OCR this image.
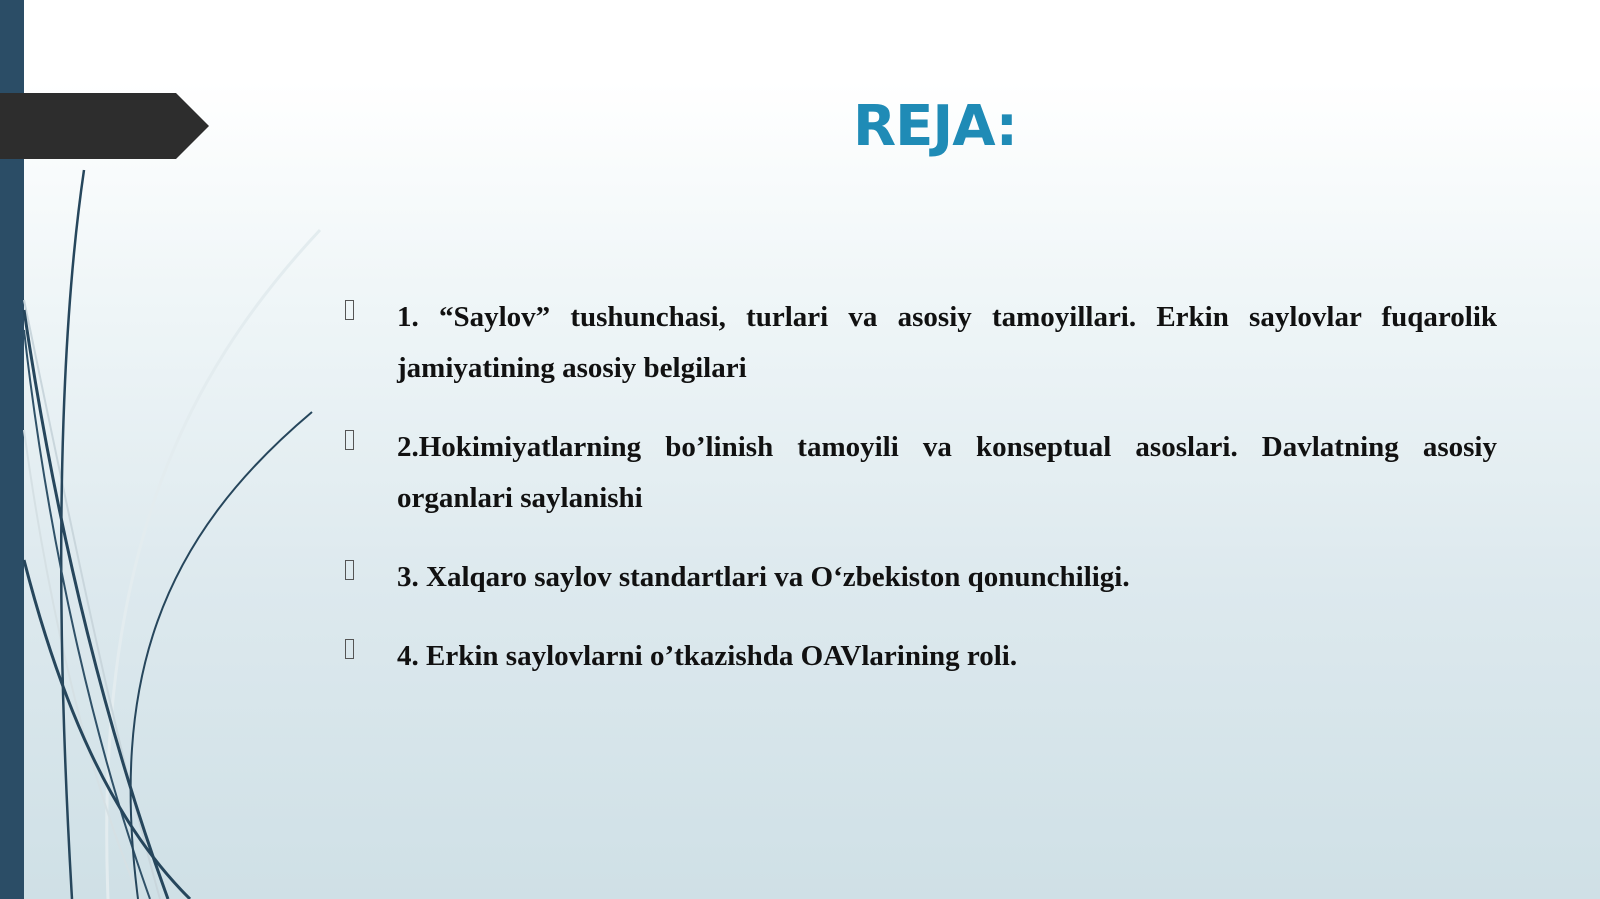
REJA:
1. “Saylov” tushunchasi, turlari va asosiy tamoyillari. Erkin saylovlar fuqarolik jamiyatining asosiy belgilari
2.Hokimiyatlarning bo’linish tamoyili va konseptual asoslari. Davlatning asosiy organlari saylanishi
3. Xalqaro saylov standartlari va O‘zbekiston qonunchiligi.
4. Erkin saylovlarni o’tkazishda OAVlarining roli.
